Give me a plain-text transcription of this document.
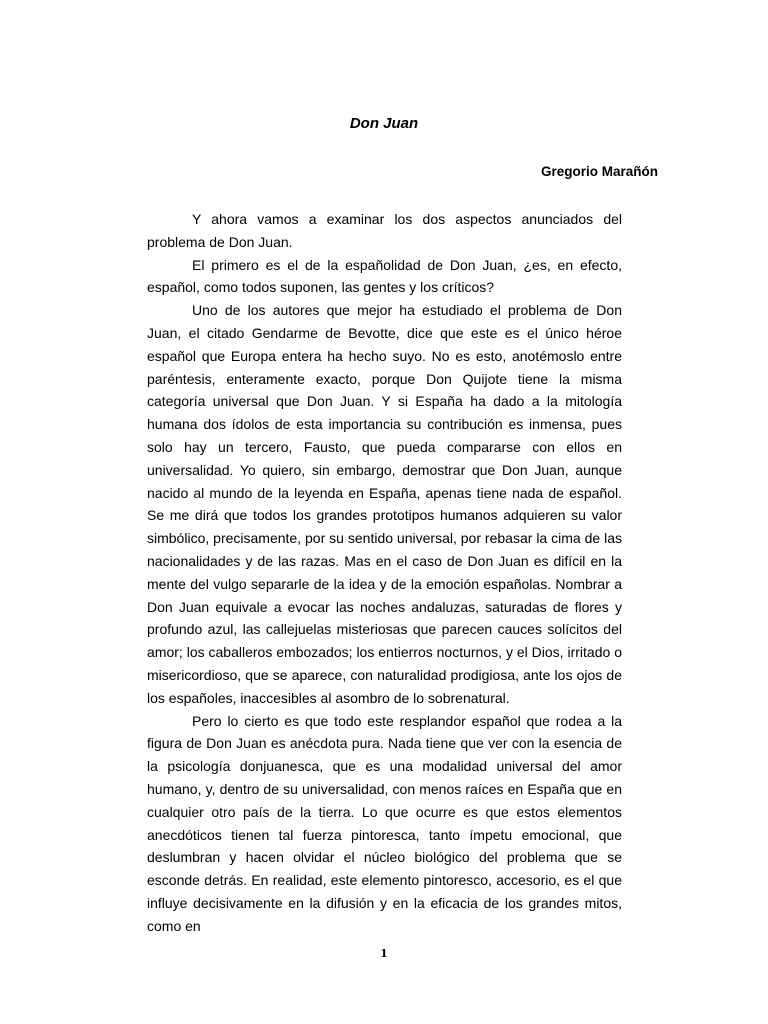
Don Juan
Gregorio Marañón

Y ahora vamos a examinar los dos aspectos anunciados del problema de Don Juan.

El primero es el de la españolidad de Don Juan, ¿es, en efecto, español, como todos suponen, las gentes y los críticos?

Uno de los autores que mejor ha estudiado el problema de Don Juan, el citado Gendarme de Bevotte, dice que este es el único héroe español que Europa entera ha hecho suyo. No es esto, anotémoslo entre paréntesis, enteramente exacto, porque Don Quijote tiene la misma categoría universal que Don Juan. Y si España ha dado a la mitología humana dos ídolos de esta importancia su contribución es inmensa, pues solo hay un tercero, Fausto, que pueda compararse con ellos en universalidad. Yo quiero, sin embargo, demostrar que Don Juan, aunque nacido al mundo de la leyenda en España, apenas tiene nada de español. Se me dirá que todos los grandes prototipos humanos adquieren su valor simbólico, precisamente, por su sentido universal, por rebasar la cima de las nacionalidades y de las razas. Mas en el caso de Don Juan es difícil en la mente del vulgo separarle de la idea y de la emoción españolas. Nombrar a Don Juan equivale a evocar las noches andaluzas, saturadas de flores y profundo azul, las callejuelas misteriosas que parecen cauces solícitos del amor; los caballeros embozados; los entierros nocturnos, y el Dios, irritado o misericordioso, que se aparece, con naturalidad prodigiosa, ante los ojos de los españoles, inaccesibles al asombro de lo sobrenatural.

Pero lo cierto es que todo este resplandor español que rodea a la figura de Don Juan es anécdota pura. Nada tiene que ver con la esencia de la psicología donjuanesca, que es una modalidad universal del amor humano, y, dentro de su universalidad, con menos raíces en España que en cualquier otro país de la tierra. Lo que ocurre es que estos elementos anecdóticos tienen tal fuerza pintoresca, tanto ímpetu emocional, que deslumbran y hacen olvidar el núcleo biológico del problema que se esconde detrás. En realidad, este elemento pintoresco, accesorio, es el que influye decisivamente en la difusión y en la eficacia de los grandes mitos, como en

1
